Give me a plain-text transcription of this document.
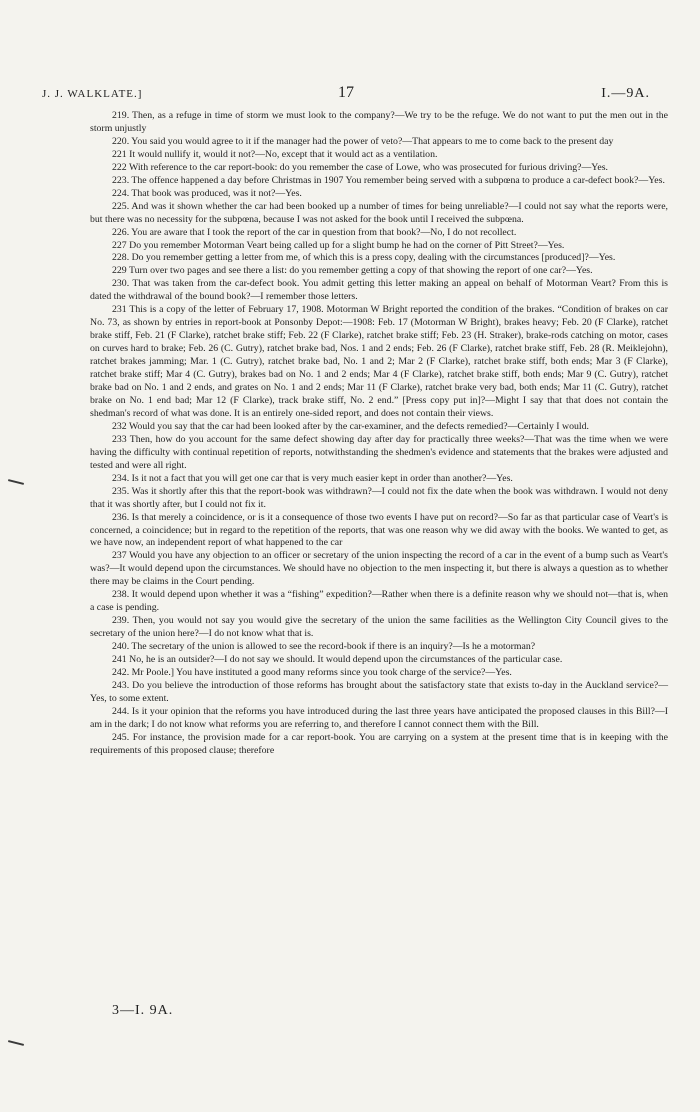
J. J. WALKLATE.]	17	I.—9A.

219. Then, as a refuge in time of storm we must look to the company?—We try to be the refuge. We do not want to put the men out in the storm unjustly

220. You said you would agree to it if the manager had the power of veto?—That appears to me to come back to the present day

221 It would nullify it, would it not?—No, except that it would act as a ventilation.

222 With reference to the car report-book: do you remember the case of Lowe, who was prosecuted for furious driving?—Yes.

223. The offence happened a day before Christmas in 1907 You remember being served with a subpœna to produce a car-defect book?—Yes.

224. That book was produced, was it not?—Yes.

225. And was it shown whether the car had been booked up a number of times for being unreliable?—I could not say what the reports were, but there was no necessity for the subpœna, because I was not asked for the book until I received the subpœna.

226. You are aware that I took the report of the car in question from that book?—No, I do not recollect.

227 Do you remember Motorman Veart being called up for a slight bump he had on the corner of Pitt Street?—Yes.

228. Do you remember getting a letter from me, of which this is a press copy, dealing with the circumstances [produced]?—Yes.

229 Turn over two pages and see there a list: do you remember getting a copy of that showing the report of one car?—Yes.

230. That was taken from the car-defect book. You admit getting this letter making an appeal on behalf of Motorman Veart? From this is dated the withdrawal of the bound book?—I remember those letters.

231 This is a copy of the letter of February 17, 1908. Motorman W Bright reported the condition of the brakes. “Condition of brakes on car No. 73, as shown by entries in report-book at Ponsonby Depot:—1908: Feb. 17 (Motorman W Bright), brakes heavy; Feb. 20 (F Clarke), ratchet brake stiff, Feb. 21 (F Clarke), ratchet brake stiff; Feb. 22 (F Clarke), ratchet brake stiff; Feb. 23 (H. Straker), brake-rods catching on motor, cases on curves hard to brake; Feb. 26 (C. Gutry), ratchet brake bad, Nos. 1 and 2 ends; Feb. 26 (F Clarke), ratchet brake stiff, Feb. 28 (R. Meiklejohn), ratchet brakes jamming; Mar. 1 (C. Gutry), ratchet brake bad, No. 1 and 2; Mar 2 (F Clarke), ratchet brake stiff, both ends; Mar 3 (F Clarke), ratchet brake stiff; Mar 4 (C. Gutry), brakes bad on No. 1 and 2 ends; Mar 4 (F Clarke), ratchet brake stiff, both ends; Mar 9 (C. Gutry), ratchet brake bad on No. 1 and 2 ends, and grates on No. 1 and 2 ends; Mar 11 (F Clarke), ratchet brake very bad, both ends; Mar 11 (C. Gutry), ratchet brake on No. 1 end bad; Mar 12 (F Clarke), track brake stiff, No. 2 end.” [Press copy put in]?—Might I say that that does not contain the shedman's record of what was done. It is an entirely one-sided report, and does not contain their views.

232 Would you say that the car had been looked after by the car-examiner, and the defects remedied?—Certainly I would.

233 Then, how do you account for the same defect showing day after day for practically three weeks?—That was the time when we were having the difficulty with continual repetition of reports, notwithstanding the shedmen's evidence and statements that the brakes were adjusted and tested and were all right.

234. Is it not a fact that you will get one car that is very much easier kept in order than another?—Yes.

235. Was it shortly after this that the report-book was withdrawn?—I could not fix the date when the book was withdrawn. I would not deny that it was shortly after, but I could not fix it.

236. Is that merely a coincidence, or is it a consequence of those two events I have put on record?—So far as that particular case of Veart's is concerned, a coincidence; but in regard to the repetition of the reports, that was one reason why we did away with the books. We wanted to get, as we have now, an independent report of what happened to the car

237 Would you have any objection to an officer or secretary of the union inspecting the record of a car in the event of a bump such as Veart's was?—It would depend upon the circumstances. We should have no objection to the men inspecting it, but there is always a question as to whether there may be claims in the Court pending.

238. It would depend upon whether it was a “fishing” expedition?—Rather when there is a definite reason why we should not—that is, when a case is pending.

239. Then, you would not say you would give the secretary of the union the same facilities as the Wellington City Council gives to the secretary of the union here?—I do not know what that is.

240. The secretary of the union is allowed to see the record-book if there is an inquiry?—Is he a motorman?

241 No, he is an outsider?—I do not say we should. It would depend upon the circumstances of the particular case.

242. Mr Poole.] You have instituted a good many reforms since you took charge of the service?—Yes.

243. Do you believe the introduction of those reforms has brought about the satisfactory state that exists to-day in the Auckland service?—Yes, to some extent.

244. Is it your opinion that the reforms you have introduced during the last three years have anticipated the proposed clauses in this Bill?—I am in the dark; I do not know what reforms you are referring to, and therefore I cannot connect them with the Bill.

245. For instance, the provision made for a car report-book. You are carrying on a system at the present time that is in keeping with the requirements of this proposed clause; therefore

3—I. 9A.
